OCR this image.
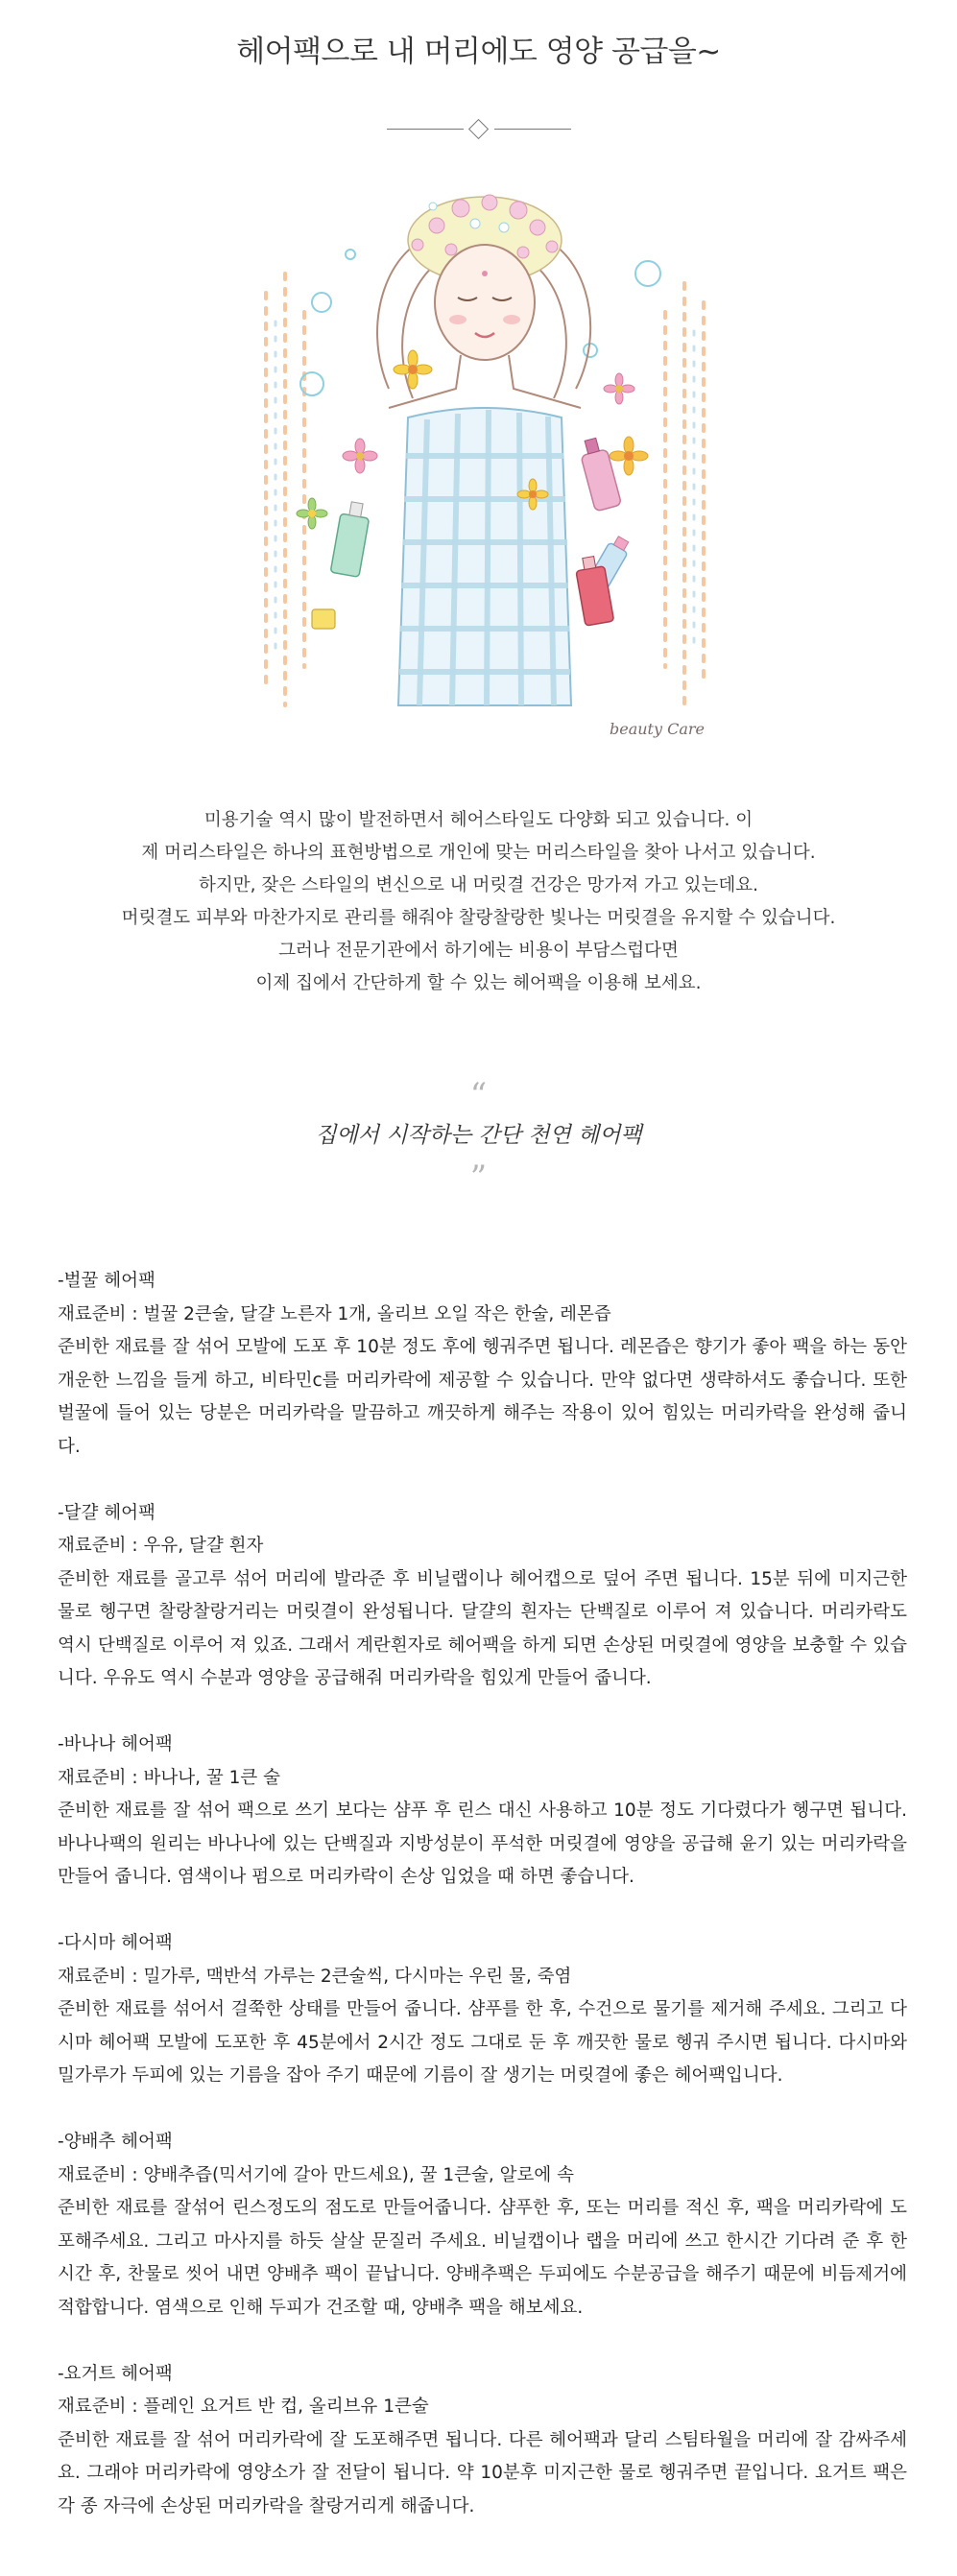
헤어팩으로 내 머리에도 영양 공급을~
beauty Care

미용기술 역시 많이 발전하면서 헤어스타일도 다양화 되고 있습니다. 이

제 머리스타일은 하나의 표현방법으로 개인에 맞는 머리스타일을 찾아 나서고 있습니다.

하지만, 잦은 스타일의 변신으로 내 머릿결 건강은 망가져 가고 있는데요.

머릿결도 피부와 마찬가지로 관리를 해줘야 찰랑찰랑한 빛나는 머릿결을 유지할 수 있습니다.

그러나 전문기관에서 하기에는 비용이 부담스럽다면

이제 집에서 간단하게 할 수 있는 헤어팩을 이용해 보세요.

“
집에서 시작하는 간단 천연 헤어팩
”

-벌꿀 헤어팩

재료준비 : 벌꿀 2큰술, 달걀 노른자 1개, 올리브 오일 작은 한술, 레몬즙

준비한 재료를 잘 섞어 모발에 도포 후 10분 정도 후에 헹궈주면 됩니다. 레몬즙은 향기가 좋아 팩을 하는 동안 개운한 느낌을 들게 하고, 비타민c를 머리카락에 제공할 수 있습니다. 만약 없다면 생략하셔도 좋습니다. 또한 벌꿀에 들어 있는 당분은 머리카락을 말끔하고 깨끗하게 해주는 작용이 있어 힘있는 머리카락을 완성해 줍니다.

-달걀 헤어팩

재료준비 : 우유, 달걀 흰자

준비한 재료를 골고루 섞어 머리에 발라준 후 비닐랩이나 헤어캡으로 덮어 주면 됩니다. 15분 뒤에 미지근한 물로 헹구면 찰랑찰랑거리는 머릿결이 완성됩니다. 달걀의 흰자는 단백질로 이루어 져 있습니다. 머리카락도 역시 단백질로 이루어 져 있죠. 그래서 계란흰자로 헤어팩을 하게 되면 손상된 머릿결에 영양을 보충할 수 있습니다. 우유도 역시 수분과 영양을 공급해줘 머리카락을 힘있게 만들어 줍니다.

-바나나 헤어팩

재료준비 : 바나나, 꿀 1큰 술

준비한 재료를 잘 섞어 팩으로 쓰기 보다는 샴푸 후 린스 대신 사용하고 10분 정도 기다렸다가 헹구면 됩니다. 바나나팩의 원리는 바나나에 있는 단백질과 지방성분이 푸석한 머릿결에 영양을 공급해 윤기 있는 머리카락을 만들어 줍니다. 염색이나 펌으로 머리카락이 손상 입었을 때 하면 좋습니다.

-다시마 헤어팩

재료준비 : 밀가루, 맥반석 가루는 2큰술씩, 다시마는 우린 물, 죽염

준비한 재료를 섞어서 걸쭉한 상태를 만들어 줍니다. 샴푸를 한 후, 수건으로 물기를 제거해 주세요. 그리고 다시마 헤어팩 모발에 도포한 후 45분에서 2시간 정도 그대로 둔 후 깨끗한 물로 헹궈 주시면 됩니다. 다시마와 밀가루가 두피에 있는 기름을 잡아 주기 때문에 기름이 잘 생기는 머릿결에 좋은 헤어팩입니다.

-양배추 헤어팩

재료준비 : 양배추즙(믹서기에 갈아 만드세요), 꿀 1큰술, 알로에 속

준비한 재료를 잘섞어 린스정도의 점도로 만들어줍니다. 샴푸한 후, 또는 머리를 적신 후, 팩을 머리카락에 도포해주세요. 그리고 마사지를 하듯 살살 문질러 주세요. 비닐캡이나 랩을 머리에 쓰고 한시간 기다려 준 후 한 시간 후, 찬물로 씻어 내면 양배추 팩이 끝납니다. 양배추팩은 두피에도 수분공급을 해주기 때문에 비듬제거에 적합합니다. 염색으로 인해 두피가 건조할 때, 양배추 팩을 해보세요.

-요거트 헤어팩

재료준비 : 플레인 요거트 반 컵, 올리브유 1큰술

준비한 재료를 잘 섞어 머리카락에 잘 도포해주면 됩니다. 다른 헤어팩과 달리 스팀타월을 머리에 잘 감싸주세요. 그래야 머리카락에 영양소가 잘 전달이 됩니다. 약 10분후 미지근한 물로 헹궈주면 끝입니다. 요거트 팩은 각 종 자극에 손상된 머리카락을 찰랑거리게 해줍니다.
